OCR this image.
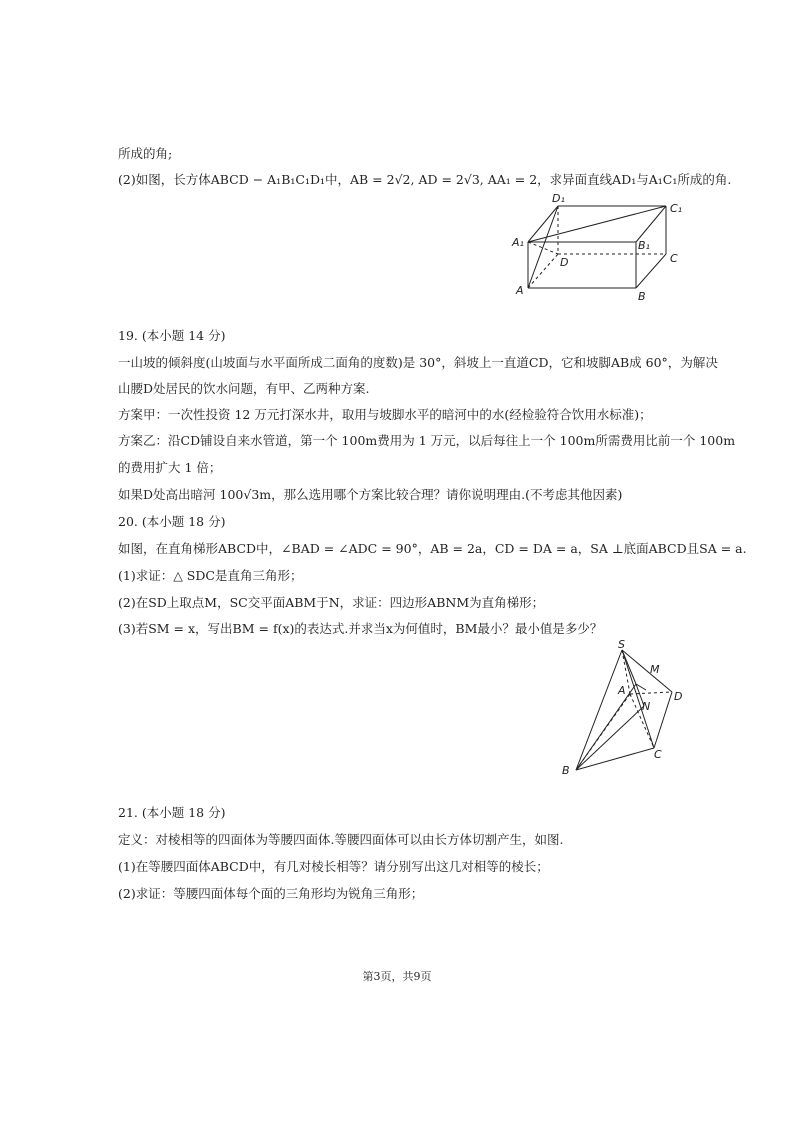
所成的角;
(2)如图，长方体ABCD − A₁B₁C₁D₁中，AB = 2√2, AD = 2√3, AA₁ = 2，求异面直线AD₁与A₁C₁所成的角.
D₁
C₁
A₁	B₁
D	C
A	B
19. (本小题 14 分)
一山坡的倾斜度(山坡面与水平面所成二面角的度数)是 30°，斜坡上一直道CD，它和坡脚AB成 60°，为解决
山腰D处居民的饮水问题，有甲、乙两种方案.
方案甲：一次性投资 12 万元打深水井，取用与坡脚水平的暗河中的水(经检验符合饮用水标准)；
方案乙：沿CD铺设自来水管道，第一个 100m费用为 1 万元，以后每往上一个 100m所需费用比前一个 100m
的费用扩大 1 倍；
如果D处高出暗河 100√3m，那么选用哪个方案比较合理？请你说明理由.(不考虑其他因素)
20. (本小题 18 分)
如图，在直角梯形ABCD中，∠BAD = ∠ADC = 90°，AB = 2a，CD = DA = a，SA ⊥底面ABCD且SA = a.
(1)求证：△ SDC是直角三角形；
(2)在SD上取点M，SC交平面ABM于N，求证：四边形ABNM为直角梯形；
(3)若SM = x，写出BM = f(x)的表达式.并求当x为何值时，BM最小？最小值是多少？
S
M
A	D
N
B
C
21. (本小题 18 分)
定义：对棱相等的四面体为等腰四面体.等腰四面体可以由长方体切割产生，如图.
(1)在等腰四面体ABCD中，有几对棱长相等？请分别写出这几对相等的棱长；
(2)求证：等腰四面体每个面的三角形均为锐角三角形；
第3页，共9页
